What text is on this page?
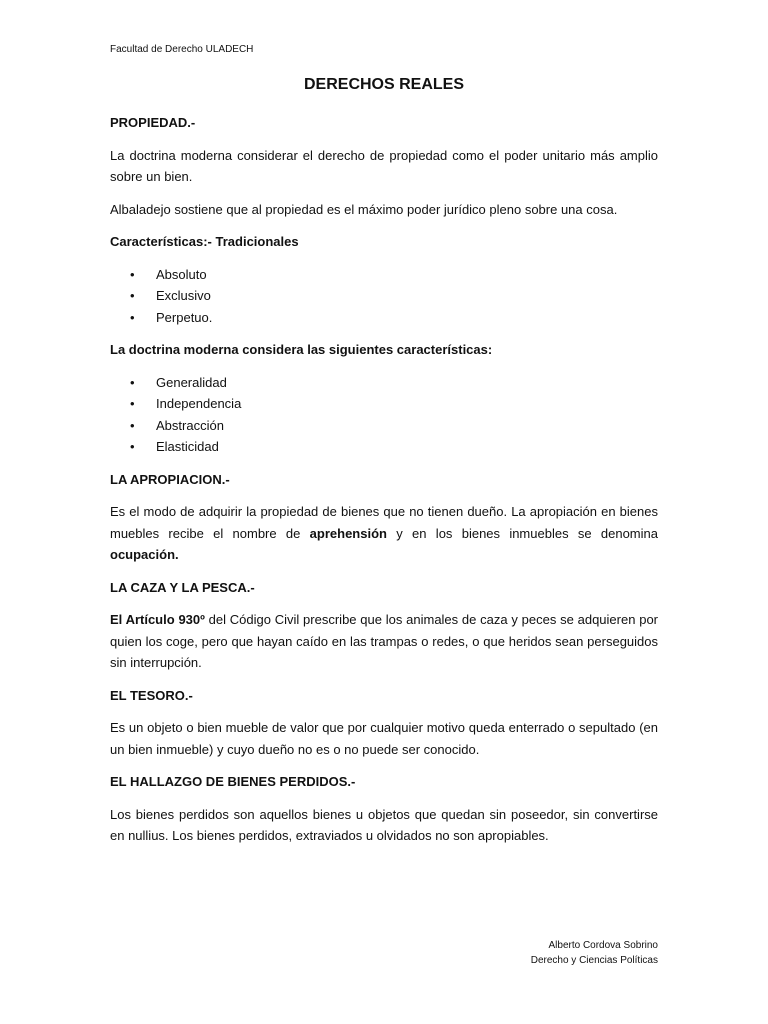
Facultad de Derecho ULADECH
DERECHOS REALES

PROPIEDAD.-

La doctrina moderna considerar el derecho de propiedad como el poder unitario más amplio sobre un bien.

Albaladejo sostiene que al propiedad es el máximo poder jurídico pleno sobre una cosa.

Características:- Tradicionales

• Absoluto
• Exclusivo
• Perpetuo.

La doctrina moderna considera las siguientes características:

• Generalidad
• Independencia
• Abstracción
• Elasticidad

LA APROPIACION.-

Es el modo de adquirir la propiedad de bienes que no tienen dueño. La apropiación en bienes muebles recibe el nombre de aprehensión y en los bienes inmuebles se denomina ocupación.

LA CAZA Y LA PESCA.-

El Artículo 930º del Código Civil prescribe que los animales de caza y peces se adquieren por quien los coge, pero que hayan caído en las trampas o redes, o que heridos sean perseguidos sin interrupción.

EL TESORO.-

Es un objeto o bien mueble de valor que por cualquier motivo queda enterrado o sepultado (en un bien inmueble) y cuyo dueño no es o no puede ser conocido.

EL HALLAZGO DE BIENES PERDIDOS.-

Los bienes perdidos son aquellos bienes u objetos que quedan sin poseedor, sin convertirse en nullius. Los bienes perdidos, extraviados u olvidados no son apropiables.

Alberto Cordova Sobrino
Derecho y Ciencias Políticas
